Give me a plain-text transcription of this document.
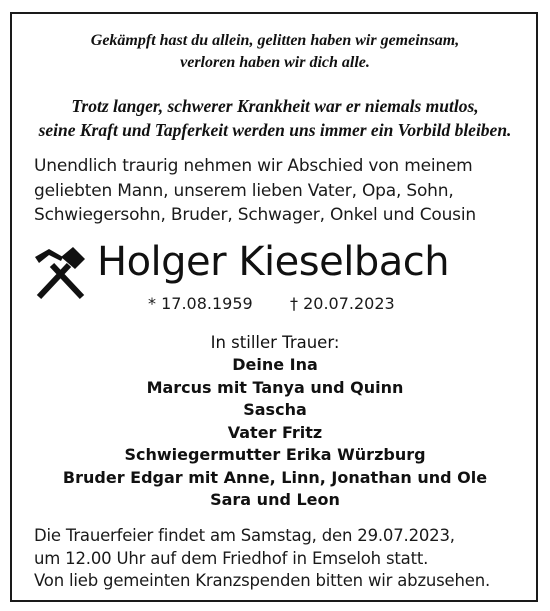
Gekämpft hast du allein, gelitten haben wir gemeinsam,
verloren haben wir dich alle.
Trotz langer, schwerer Krankheit war er niemals mutlos,
seine Kraft und Tapferkeit werden uns immer ein Vorbild bleiben.
Unendlich traurig nehmen wir Abschied von meinem
geliebten Mann, unserem lieben Vater, Opa, Sohn,
Schwiegersohn, Bruder, Schwager, Onkel und Cousin
Holger Kieselbach
* 17.08.1959 † 20.07.2023
In stiller Trauer:
Deine Ina
Marcus mit Tanya und Quinn
Sascha
Vater Fritz
Schwiegermutter Erika Würzburg
Bruder Edgar mit Anne, Linn, Jonathan und Ole
Sara und Leon
Die Trauerfeier findet am Samstag, den 29.07.2023,
um 12.00 Uhr auf dem Friedhof in Emseloh statt.
Von lieb gemeinten Kranzspenden bitten wir abzusehen.
